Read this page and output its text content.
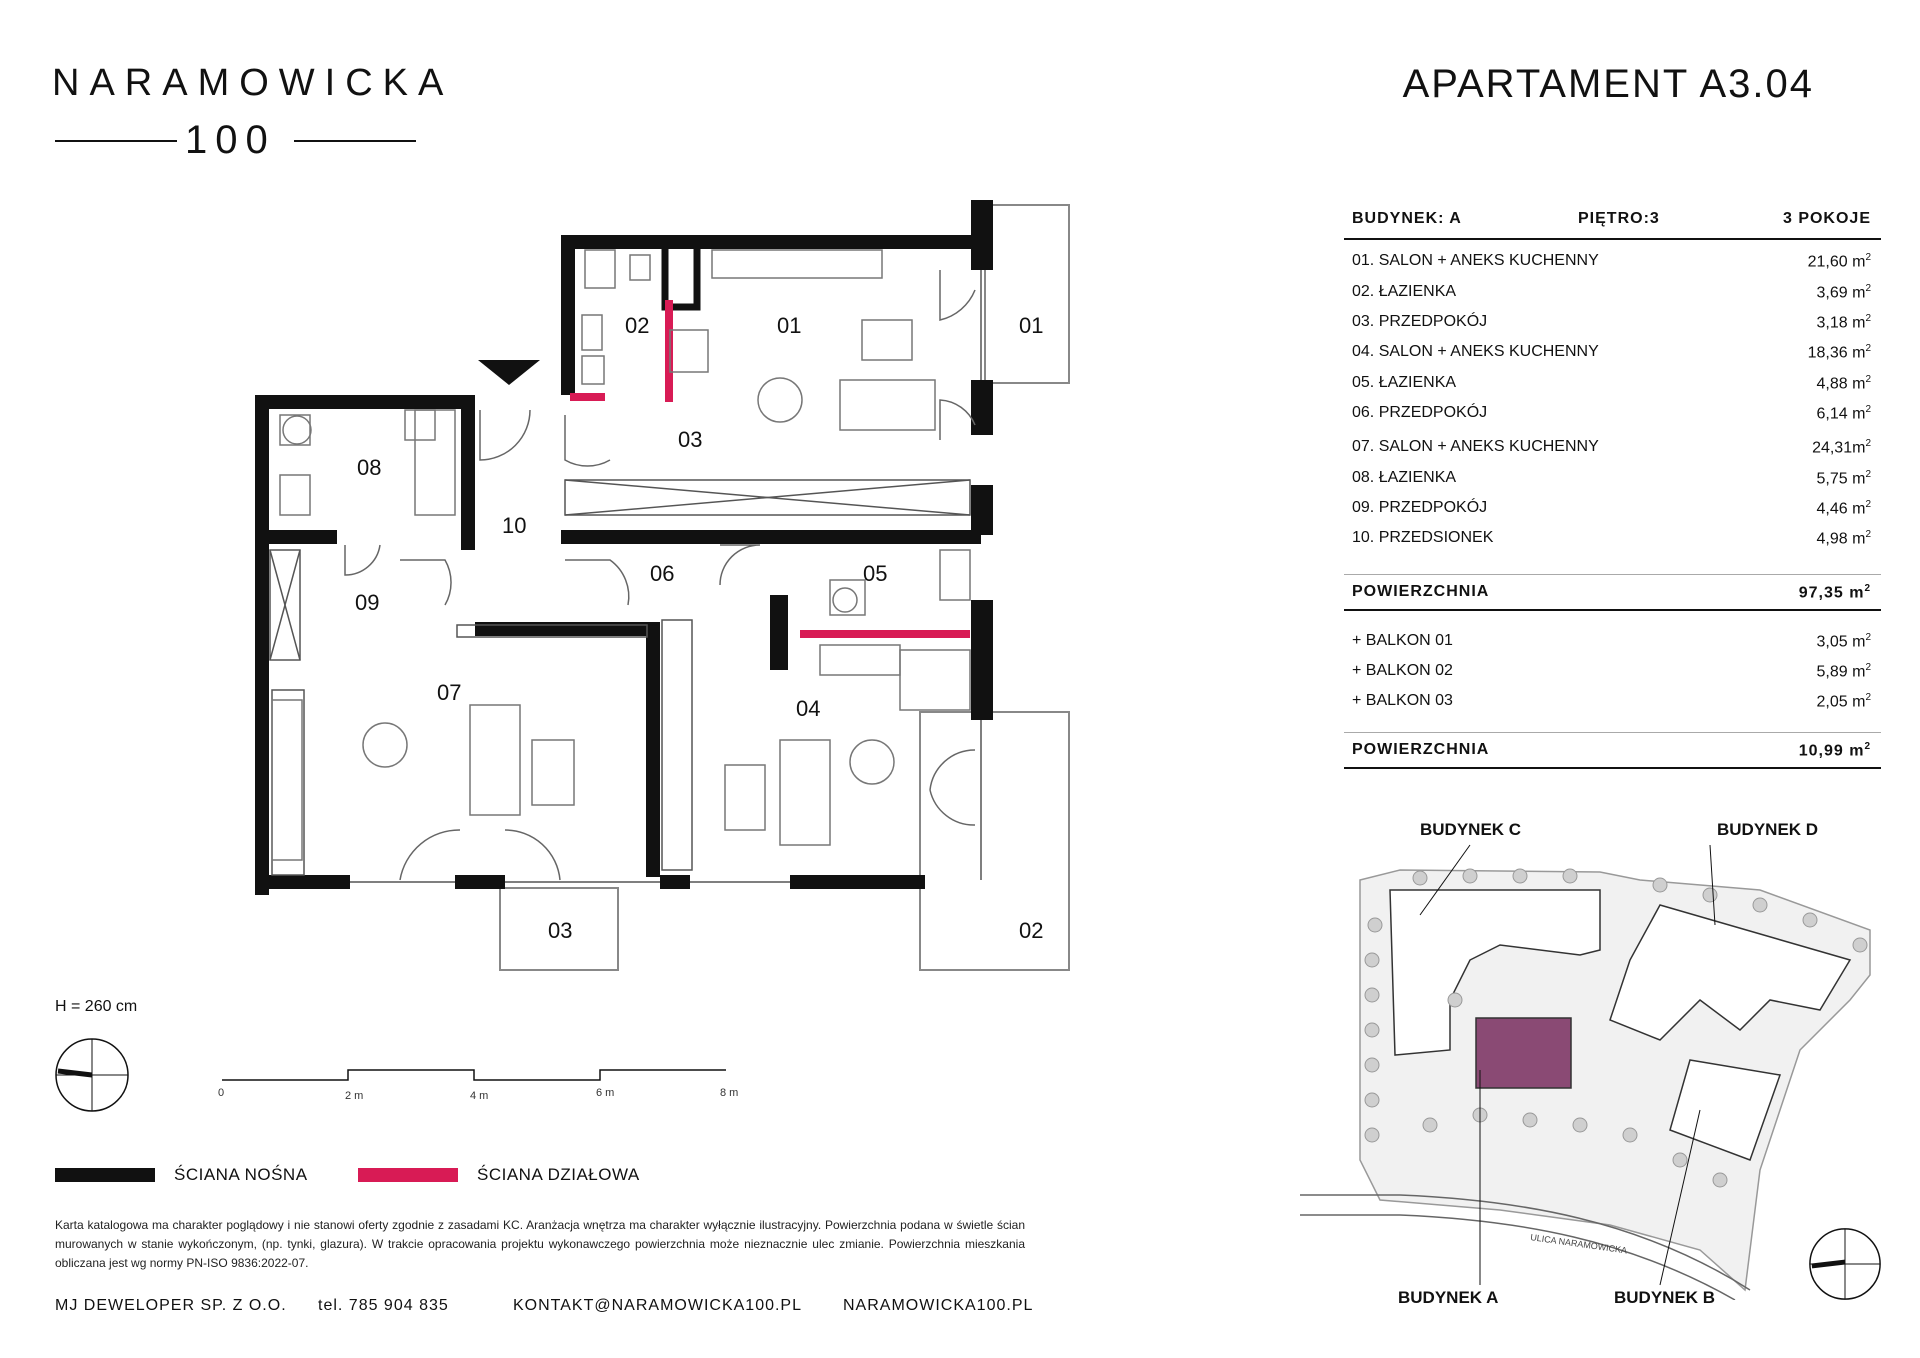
NARAMOWICKA
100
APARTAMENT A3.04
BUDYNEK: A	PIĘTRO:3	3 POKOJE
01. SALON + ANEKS KUCHENNY	21,60 $m^2$
02. ŁAZIENKA	3,69 $m^2$
03. PRZEDPOKÓJ	3,18 $m^2$
04. SALON + ANEKS KUCHENNY	18,36 $m^2$
05. ŁAZIENKA	4,88 $m^2$
06. PRZEDPOKÓJ	6,14 $m^2$
07. SALON + ANEKS KUCHENNY	$24,31m^2$
08. ŁAZIENKA	5,75 $m^2$
09. PRZEDPOKÓJ	4,46 $m^2$
10. PRZEDSIONEK	4,98 $m^2$
POWIERZCHNIA	97,35 $m^2$
+ BALKON 01	3,05 $m^2$
+ BALKON 02	5,89 $m^2$
+ BALKON 03	2,05 $m^2$
POWIERZCHNIA	10,99 $m^2$
02	01
03
08
10
06	05
09
07
04
01
02
03
H = 260 cm
0	2 m	4 m	6 m	8 m
ŚCIANA NOŚNA	ŚCIANA DZIAŁOWA
Karta katalogowa ma charakter poglądowy i nie stanowi oferty zgodnie z zasadami KC. Aranżacja wnętrza ma charakter wyłącznie ilustracyjny. Powierzchnia podana w świetle ścian murowanych w stanie wykończonym, (np. tynki, glazura). W trakcie opracowania projektu wykonawczego powierzchnia może nieznacznie ulec zmianie. Powierzchnia mieszkania obliczana jest wg normy PN-ISO 9836:2022-07.
MJ DEWELOPER SP. Z O.O. tel. 785 904 835	KONTAKT@NARAMOWICKA100.PL	NARAMOWICKA100.PL
ULICA NARAMOWICKA
BUDYNEK C	BUDYNEK D
BUDYNEK A	BUDYNEK B
